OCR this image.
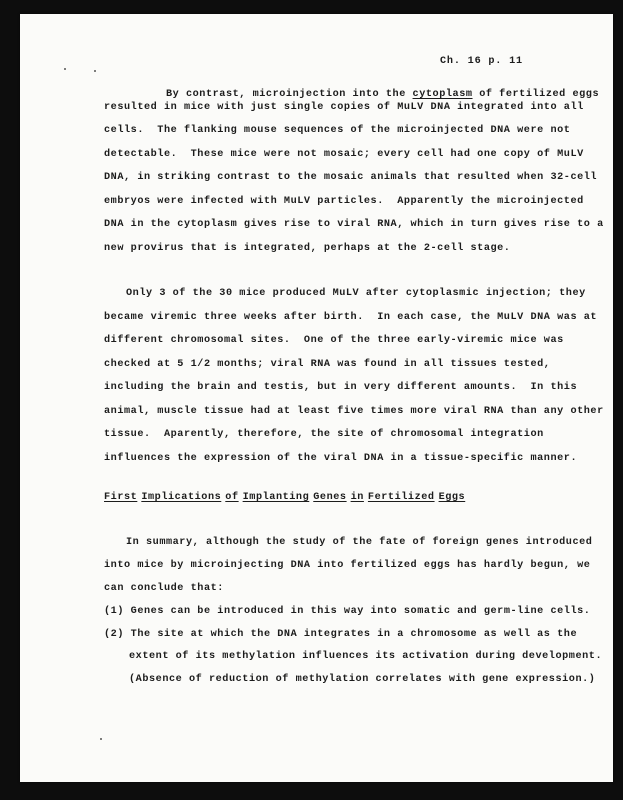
Ch. 16 p. 11

By contrast, microinjection into the cytoplasm of fertilized eggs

resulted in mice with just single copies of MuLV DNA integrated into all
cells.  The flanking mouse sequences of the microinjected DNA were not
detectable.  These mice were not mosaic; every cell had one copy of MuLV
DNA, in striking contrast to the mosaic animals that resulted when 32-cell
embryos were infected with MuLV particles.  Apparently the microinjected
DNA in the cytoplasm gives rise to viral RNA, which in turn gives rise to a
new provirus that is integrated, perhaps at the 2-cell stage.
Only 3 of the 30 mice produced MuLV after cytoplasmic injection; they
became viremic three weeks after birth.  In each case, the MuLV DNA was at
different chromosomal sites.  One of the three early-viremic mice was
checked at 5 1/2 months; viral RNA was found in all tissues tested,
including the brain and testis, but in very different amounts.  In this
animal, muscle tissue had at least five times more viral RNA than any other
tissue.  Aparently, therefore, the site of chromosomal integration
influences the expression of the viral DNA in a tissue-specific manner.
First Implications of Implanting Genes in Fertilized Eggs
In summary, although the study of the fate of foreign genes introduced
into mice by microinjecting DNA into fertilized eggs has hardly begun, we
can conclude that:
(1) Genes can be introduced in this way into somatic and germ-line cells.
(2) The site at which the DNA integrates in a chromosome as well as the
extent of its methylation influences its activation during development.
(Absence of reduction of methylation correlates with gene expression.)
